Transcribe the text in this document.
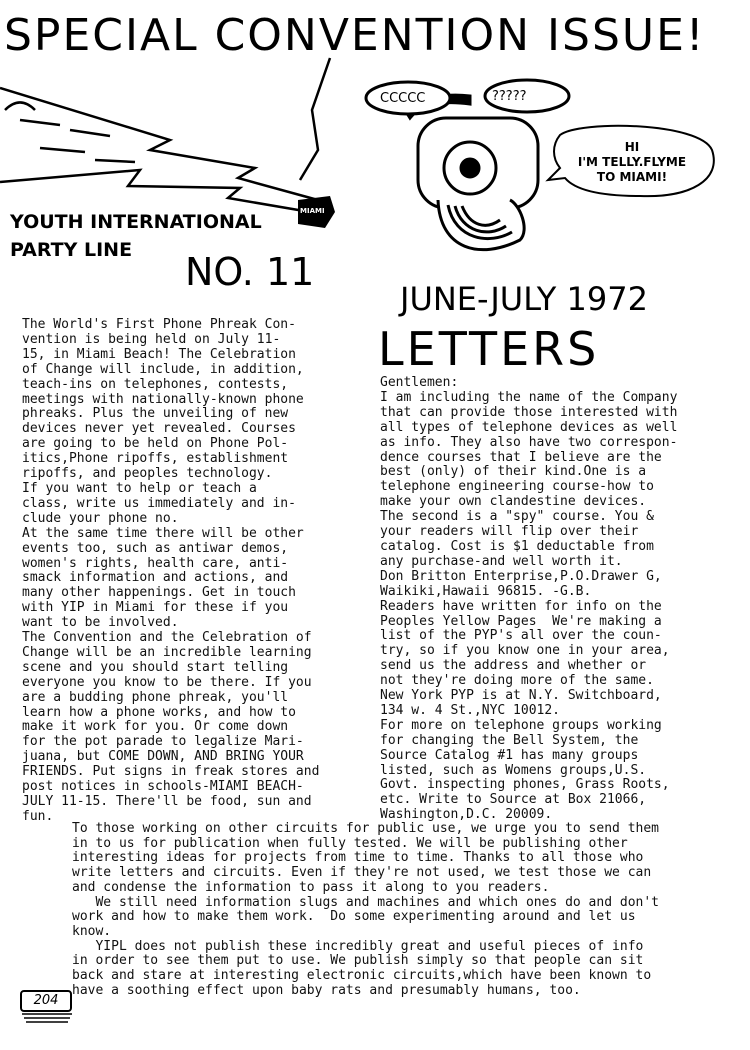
SPECIAL CONVENTION ISSUE!
CCCCC	?????
HI
I'M TELLY.FLYME
TO MIAMI!
MIAMI
YOUTH INTERNATIONAL
PARTY LINE	NO. 11
JUNE-JULY 1972
The World's First Phone Phreak Con-
vention is being held on July 11-
15, in Miami Beach! The Celebration
of Change will include, in addition,
teach-ins on telephones, contests,
meetings with nationally-known phone
phreaks. Plus the unveiling of new
devices never yet revealed. Courses
are going to be held on Phone Pol-
itics,Phone ripoffs, establishment
ripoffs, and peoples technology.
If you want to help or teach a
class, write us immediately and in-
clude your phone no.
At the same time there will be other
events too, such as antiwar demos,
women's rights, health care, anti-
smack information and actions, and
many other happenings. Get in touch
with YIP in Miami for these if you
want to be involved.
The Convention and the Celebration of
Change will be an incredible learning
scene and you should start telling
everyone you know to be there. If you
are a budding phone phreak, you'll
learn how a phone works, and how to
make it work for you. Or come down
for the pot parade to legalize Mari-
juana, but COME DOWN, AND BRING YOUR
FRIENDS. Put signs in freak stores and
post notices in schools-MIAMI BEACH-
JULY 11-15. There'll be food, sun and
fun.
LETTERS
Gentlemen:
I am including the name of the Company
that can provide those interested with
all types of telephone devices as well
as info. They also have two correspon-
dence courses that I believe are the
best (only) of their kind.One is a
telephone engineering course-how to
make your own clandestine devices.
The second is a "spy" course. You &
your readers will flip over their
catalog. Cost is $1 deductable from
any purchase-and well worth it.
Don Britton Enterprise,P.O.Drawer G,
Waikiki,Hawaii 96815. -G.B.
Readers have written for info on the
Peoples Yellow Pages  We're making a
list of the PYP's all over the coun-
try, so if you know one in your area,
send us the address and whether or
not they're doing more of the same.
New York PYP is at N.Y. Switchboard,
134 w. 4 St.,NYC 10012.
For more on telephone groups working
for changing the Bell System, the
Source Catalog #1 has many groups
listed, such as Womens groups,U.S.
Govt. inspecting phones, Grass Roots,
etc. Write to Source at Box 21066,
Washington,D.C. 20009.
To those working on other circuits for public use, we urge you to send them
in to us for publication when fully tested. We will be publishing other
interesting ideas for projects from time to time. Thanks to all those who
write letters and circuits. Even if they're not used, we test those we can
and condense the information to pass it along to you readers.
We still need information slugs and machines and which ones do and don't
work and how to make them work.  Do some experimenting around and let us
know.
YIPL does not publish these incredibly great and useful pieces of info
in order to see them put to use. We publish simply so that people can sit
back and stare at interesting electronic circuits,which have been known to
have a soothing effect upon baby rats and presumably humans, too.
204
